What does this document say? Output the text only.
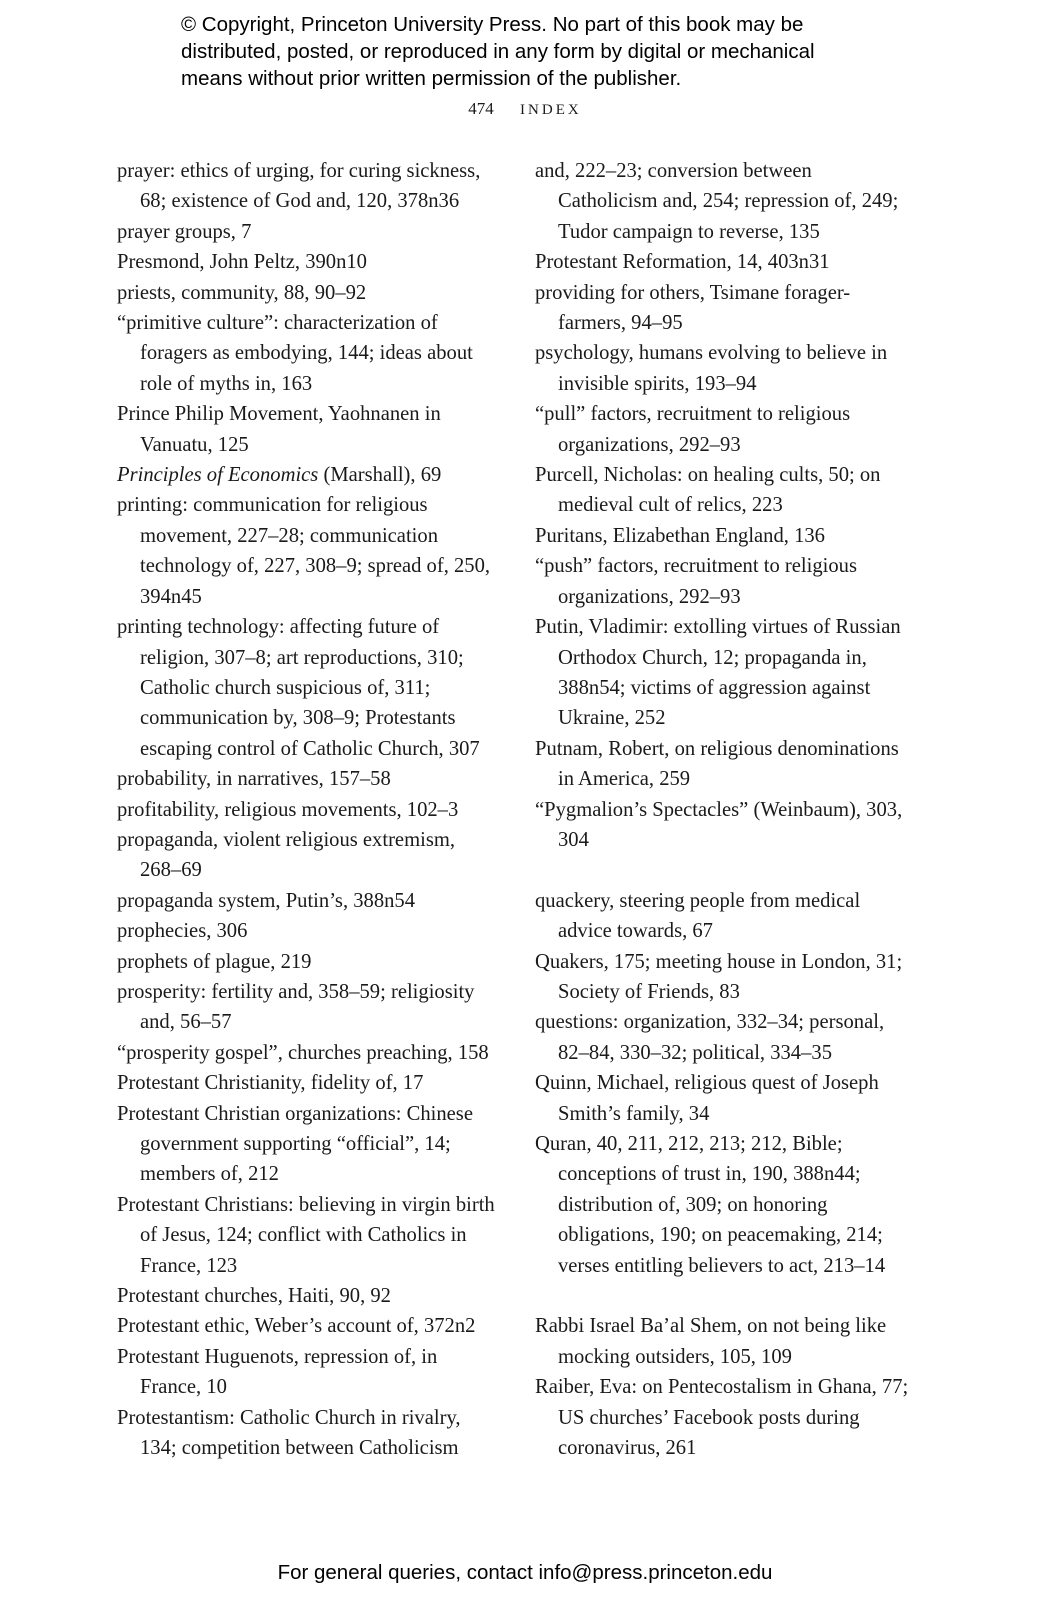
© Copyright, Princeton University Press. No part of this book may be
distributed, posted, or reproduced in any form by digital or mechanical
means without prior written permission of the publisher.
474 INDEX

prayer: ethics of urging, for curing sickness, 68; existence of God and, 120, 378n36

prayer groups, 7

Presmond, John Peltz, 390n10

priests, community, 88, 90–92

“primitive culture”: characterization of foragers as embodying, 144; ideas about role of myths in, 163

Prince Philip Movement, Yaohnanen in Vanuatu, 125

Principles of Economics (Marshall), 69

printing: communication for religious movement, 227–28; communication technology of, 227, 308–9; spread of, 250, 394n45

printing technology: affecting future of religion, 307–8; art reproductions, 310; Catholic church suspicious of, 311; communication by, 308–9; Protestants escaping control of Catholic Church, 307

probability, in narratives, 157–58

profitability, religious movements, 102–3

propaganda, violent religious extremism, 268–69

propaganda system, Putin’s, 388n54

prophecies, 306

prophets of plague, 219

prosperity: fertility and, 358–59; religiosity and, 56–57

“prosperity gospel”, churches preaching, 158

Protestant Christianity, fidelity of, 17

Protestant Christian organizations: Chinese government supporting “official”, 14; members of, 212

Protestant Christians: believing in virgin birth of Jesus, 124; conflict with Catholics in France, 123

Protestant churches, Haiti, 90, 92

Protestant ethic, Weber’s account of, 372n2

Protestant Huguenots, repression of, in France, 10

Protestantism: Catholic Church in rivalry, 134; competition between Catholicism

and, 222–23; conversion between Catholicism and, 254; repression of, 249; Tudor campaign to reverse, 135

Protestant Reformation, 14, 403n31

providing for others, Tsimane forager-farmers, 94–95

psychology, humans evolving to believe in invisible spirits, 193–94

“pull” factors, recruitment to religious organizations, 292–93

Purcell, Nicholas: on healing cults, 50; on medieval cult of relics, 223

Puritans, Elizabethan England, 136

“push” factors, recruitment to religious organizations, 292–93

Putin, Vladimir: extolling virtues of Russian Orthodox Church, 12; propaganda in, 388n54; victims of aggression against Ukraine, 252

Putnam, Robert, on religious denominations in America, 259

“Pygmalion’s Spectacles” (Weinbaum), 303, 304

quackery, steering people from medical advice towards, 67

Quakers, 175; meeting house in London, 31; Society of Friends, 83

questions: organization, 332–34; personal, 82–84, 330–32; political, 334–35

Quinn, Michael, religious quest of Joseph Smith’s family, 34

Quran, 40, 211, 212, 213; 212, Bible; conceptions of trust in, 190, 388n44; distribution of, 309; on honoring obligations, 190; on peacemaking, 214; verses entitling believers to act, 213–14

Rabbi Israel Ba’al Shem, on not being like mocking outsiders, 105, 109

Raiber, Eva: on Pentecostalism in Ghana, 77; US churches’ Facebook posts during coronavirus, 261

For general queries, contact info@press.princeton.edu
